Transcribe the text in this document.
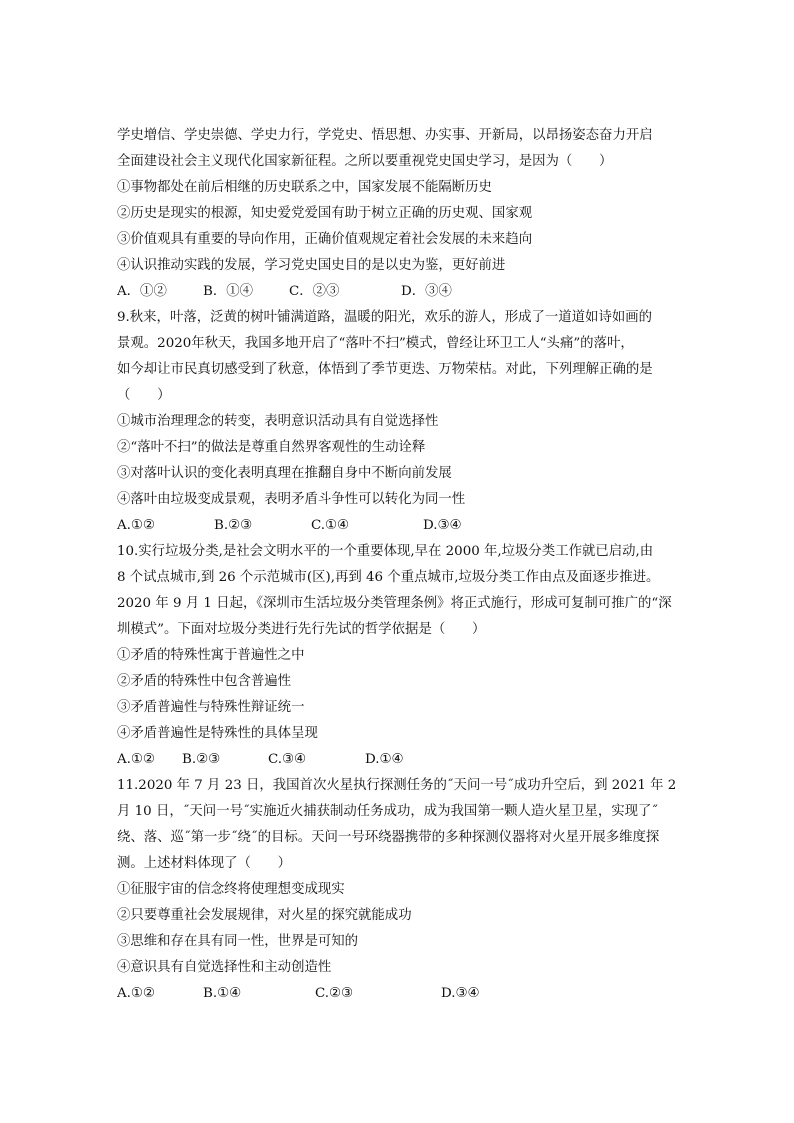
学史增信、学史崇德、学史力行，学党史、悟思想、办实事、开新局，以昂扬姿态奋力开启
全面建设社会主义现代化国家新征程。之所以要重视党史国史学习，是因为（　　）
①事物都处在前后相继的历史联系之中，国家发展不能隔断历史
②历史是现实的根源，知史爱党爱国有助于树立正确的历史观、国家观
③价值观具有重要的导向作用，正确价值观规定着社会发展的未来趋向
④认识推动实践的发展，学习党史国史目的是以史为鉴，更好前进
A．①②	B．①④	C．②③	D．③④
9.秋来，叶落，泛黄的树叶铺满道路，温暖的阳光，欢乐的游人，形成了一道道如诗如画的
景观。2020年秋天，我国多地开启了“落叶不扫”模式，曾经让环卫工人“头痛”的落叶，
如今却让市民真切感受到了秋意，体悟到了季节更迭、万物荣枯。对此，下列理解正确的是
（　　）
①城市治理理念的转变，表明意识活动具有自觉选择性
②“落叶不扫”的做法是尊重自然界客观性的生动诠释
③对落叶认识的变化表明真理在推翻自身中不断向前发展
④落叶由垃圾变成景观，表明矛盾斗争性可以转化为同一性
A.①②	B.②③	C.①④	D.③④
10.实行垃圾分类,是社会文明水平的一个重要体现,早在 2000 年,垃圾分类工作就已启动,由
8 个试点城市,到 26 个示范城市(区),再到 46 个重点城市,垃圾分类工作由点及面逐步推进。
2020 年 9 月 1 日起，《深圳市生活垃圾分类管理条例》将正式施行，形成可复制可推广的“深
圳模式”。下面对垃圾分类进行先行先试的哲学依据是（　　）
①矛盾的特殊性寓于普遍性之中
②矛盾的特殊性中包含普遍性
③矛盾普遍性与特殊性辩证统一
④矛盾普遍性是特殊性的具体呈现
A.①②	B.②③	C.③④	D.①④
11.2020 年 7 月 23 日，我国首次火星执行探测任务的˝天问一号˝成功升空后，到 2021 年 2
月 10 日，˝天问一号˝实施近火捕获制动任务成功，成为我国第一颗人造火星卫星，实现了˝
绕、落、巡˝第一步˝绕˝的目标。天问一号环绕器携带的多种探测仪器将对火星开展多维度探
测。上述材料体现了（　　）
①征服宇宙的信念终将使理想变成现实
②只要尊重社会发展规律，对火星的探究就能成功
③思维和存在具有同一性，世界是可知的
④意识具有自觉选择性和主动创造性
A.①②	B.①④	C.②③	D.③④
